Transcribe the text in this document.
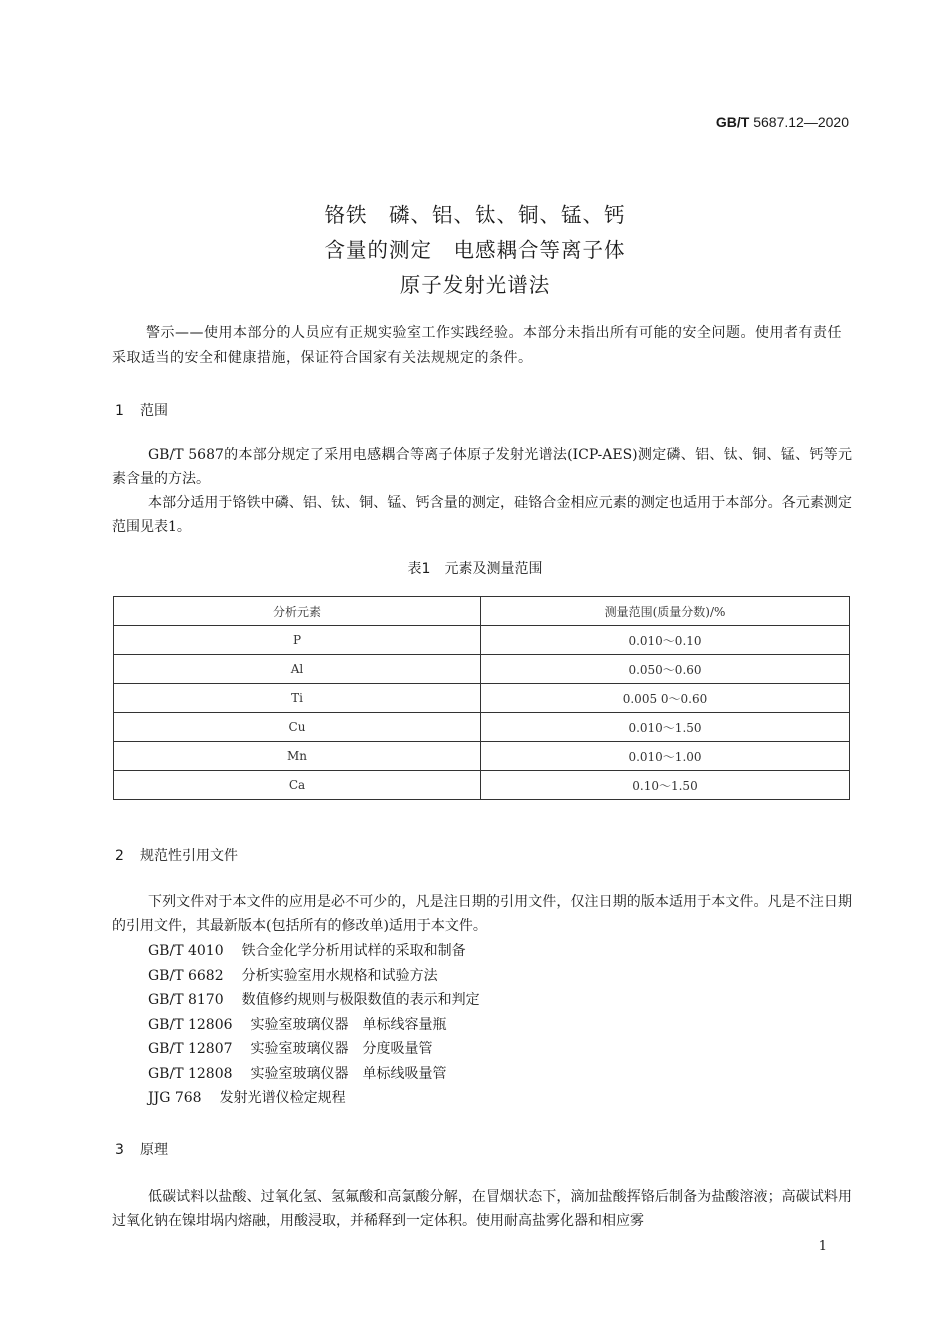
GB/T 5687.12—2020
铬铁　磷、铝、钛、铜、锰、钙
含量的测定　电感耦合等离子体
原子发射光谱法
警示——使用本部分的人员应有正规实验室工作实践经验。本部分未指出所有可能的安全问题。使用者有责任采取适当的安全和健康措施，保证符合国家有关法规规定的条件。
1 范围

GB/T 5687的本部分规定了采用电感耦合等离子体原子发射光谱法(ICP-AES)测定磷、铝、钛、铜、锰、钙等元素含量的方法。

本部分适用于铬铁中磷、铝、钛、铜、锰、钙含量的测定，硅铬合金相应元素的测定也适用于本部分。各元素测定范围见表1。

表1　元素及测量范围
分析元素	测量范围(质量分数)/%
P	0.010～0.10
Al	0.050～0.60
Ti	0.005 0～0.60
Cu	0.010～1.50
Mn	0.010～1.00
Ca	0.10～1.50
2 规范性引用文件

下列文件对于本文件的应用是必不可少的，凡是注日期的引用文件，仅注日期的版本适用于本文件。凡是不注日期的引用文件，其最新版本(包括所有的修改单)适用于本文件。

GB/T 4010 铁合金化学分析用试样的采取和制备
GB/T 6682 分析实验室用水规格和试验方法
GB/T 8170 数值修约规则与极限数值的表示和判定
GB/T 12806 实验室玻璃仪器　单标线容量瓶
GB/T 12807 实验室玻璃仪器　分度吸量管
GB/T 12808 实验室玻璃仪器　单标线吸量管
JJG 768 发射光谱仪检定规程
3 原理

低碳试料以盐酸、过氧化氢、氢氟酸和高氯酸分解，在冒烟状态下，滴加盐酸挥铬后制备为盐酸溶液；高碳试料用过氧化钠在镍坩埚内熔融，用酸浸取，并稀释到一定体积。使用耐高盐雾化器和相应雾

1
